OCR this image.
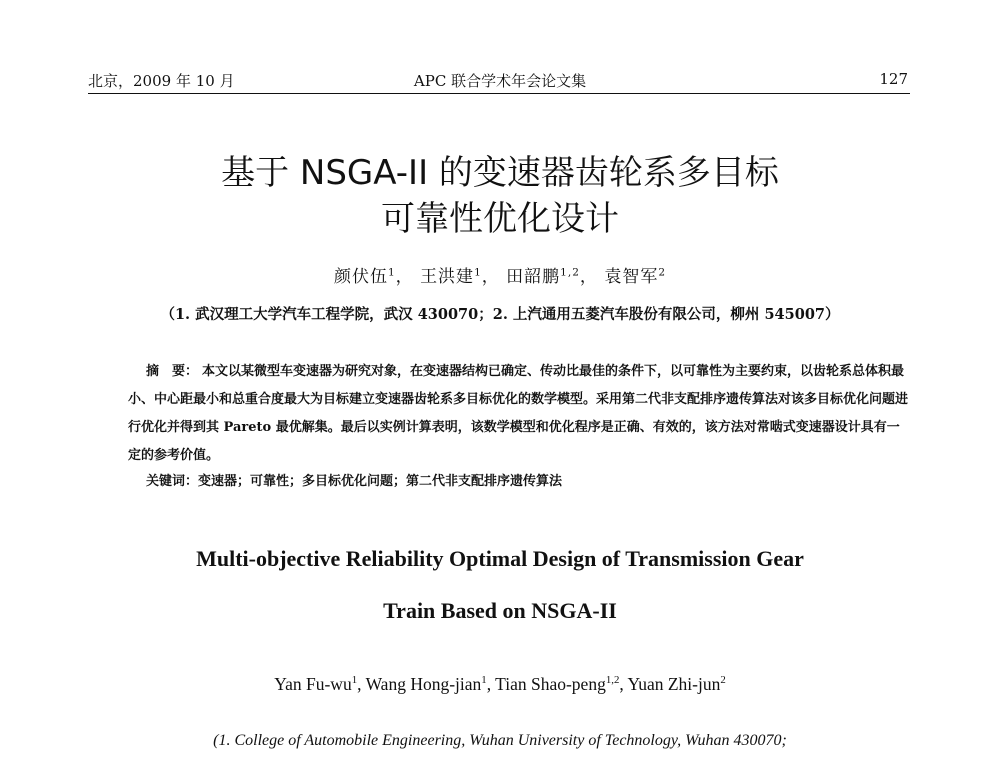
北京，2009 年 10 月	APC 联合学术年会论文集	127
基于 NSGA-II 的变速器齿轮系多目标
可靠性优化设计
颜伏伍$^1$， 王洪建$^1$， 田韶鹏$^{1,2}$， 袁智军$^2$
（1. 武汉理工大学汽车工程学院，武汉 430070；2. 上汽通用五菱汽车股份有限公司，柳州 545007）
摘　要： 本文以某微型车变速器为研究对象，在变速器结构已确定、传动比最佳的条件下，以可靠性为主要约束，以齿轮系总体积最小、中心距最小和总重合度最大为目标建立变速器齿轮系多目标优化的数学模型。采用第二代非支配排序遗传算法对该多目标优化问题进行优化并得到其 Pareto 最优解集。最后以实例计算表明，该数学模型和优化程序是正确、有效的，该方法对常啮式变速器设计具有一定的参考价值。
关键词：变速器；可靠性；多目标优化问题；第二代非支配排序遗传算法
Multi-objective Reliability Optimal Design of Transmission Gear
Train Based on NSGA-II
Yan $Fu-wu^1$, Wang Hong-jian$^1$, Tian Shao-peng$^{1,2}$, Yuan Zhi-jun$^2$
(1. College of Automobile Engineering, Wuhan University of Technology, Wuhan 430070;
